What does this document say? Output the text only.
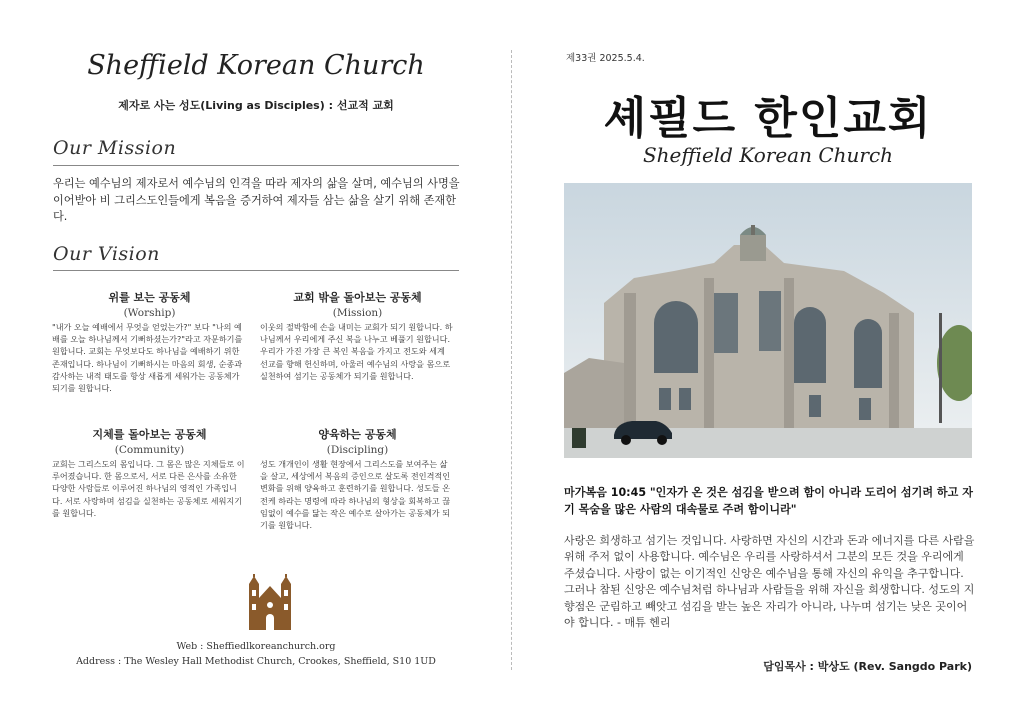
Sheffield Korean Church
제자로 사는 성도(Living as Disciples) : 선교적 교회
Our Mission
우리는 예수님의 제자로서 예수님의 인격을 따라 제자의 삶을 살며, 예수님의 사명을 이어받아 비 그리스도인들에게 복음을 증거하여 제자들 삼는 삶을 살기 위해 존재한다.
Our Vision
위를 보는 공동체
(Worship)
"내가 오늘 예배에서 무엇을 얻었는가?" 보다 "나의 예배를 오늘 하나님께서 기뻐하셨는가?"라고 자문하기를 원합니다. 교회는 무엇보다도 하나님을 예배하기 위한 존재입니다. 하나님이 기뻐하시는 마음의 회생, 순종과 감사하는 내적 태도를 항상 새롭게 세워가는 공동체가 되기를 원합니다.
교회 밖을 돌아보는 공동체
(Mission)
이웃의 절박함에 손을 내미는 교회가 되기 원합니다. 하나님께서 우리에게 주신 복을 나누고 베풀기 원합니다. 우리가 가진 가장 큰 복인 복음을 가지고 전도와 세계 선교를 향해 헌신하며, 아울러 예수님의 사랑을 몸으로 실천하여 섬기는 공동체가 되기를 원합니다.
지체를 돌아보는 공동체
(Community)
교회는 그리스도의 몸입니다. 그 몸은 많은 지체들로 이루어졌습니다. 한 몸으로서, 서로 다른 은사를 소유한 다양한 사람들로 이루어진 하나님의 영적인 가족입니다. 서로 사랑하며 섬김을 실천하는 공동체로 세워지기를 원합니다.
양육하는 공동체
(Discipling)
성도 개개인이 생활 현장에서 그리스도를 보여주는 삶을 살고, 세상에서 복음의 증인으로 살도록 전인격적인 변화를 위해 양육하고 훈련하기를 원합니다. 성도들 온전케 하라는 명령에 따라 하나님의 형상을 회복하고 끊임없이 예수를 닮는 작은 예수로 살아가는 공동체가 되기를 원합니다.
Web : Sheffiedlkoreanchurch.org
Address : The Wesley Hall Methodist Church, Crookes, Sheffield, S10 1UD
제33권 2025.5.4.
셰필드 한인교회
Sheffield Korean Church
마가복음 10:45 "인자가 온 것은 섬김을 받으려 함이 아니라 도리어 섬기려 하고 자기 목숨을 많은 사람의 대속물로 주려 함이니라"
사랑은 희생하고 섬기는 것입니다. 사랑하면 자신의 시간과 돈과 에너지를 다른 사람을 위해 주저 없이 사용합니다. 예수님은 우리를 사랑하셔서 그분의 모든 것을 우리에게 주셨습니다. 사랑이 없는 이기적인 신앙은 예수님을 통해 자신의 유익을 추구합니다. 그러나 참된 신앙은 예수님처럼 하나님과 사람들을 위해 자신을 희생합니다. 성도의 지향점은 군림하고 빼앗고 섬김을 받는 높은 자리가 아니라, 나누며 섬기는 낮은 곳이어야 합니다. - 매튜 헨리
담임목사 : 박상도 (Rev. Sangdo Park)
